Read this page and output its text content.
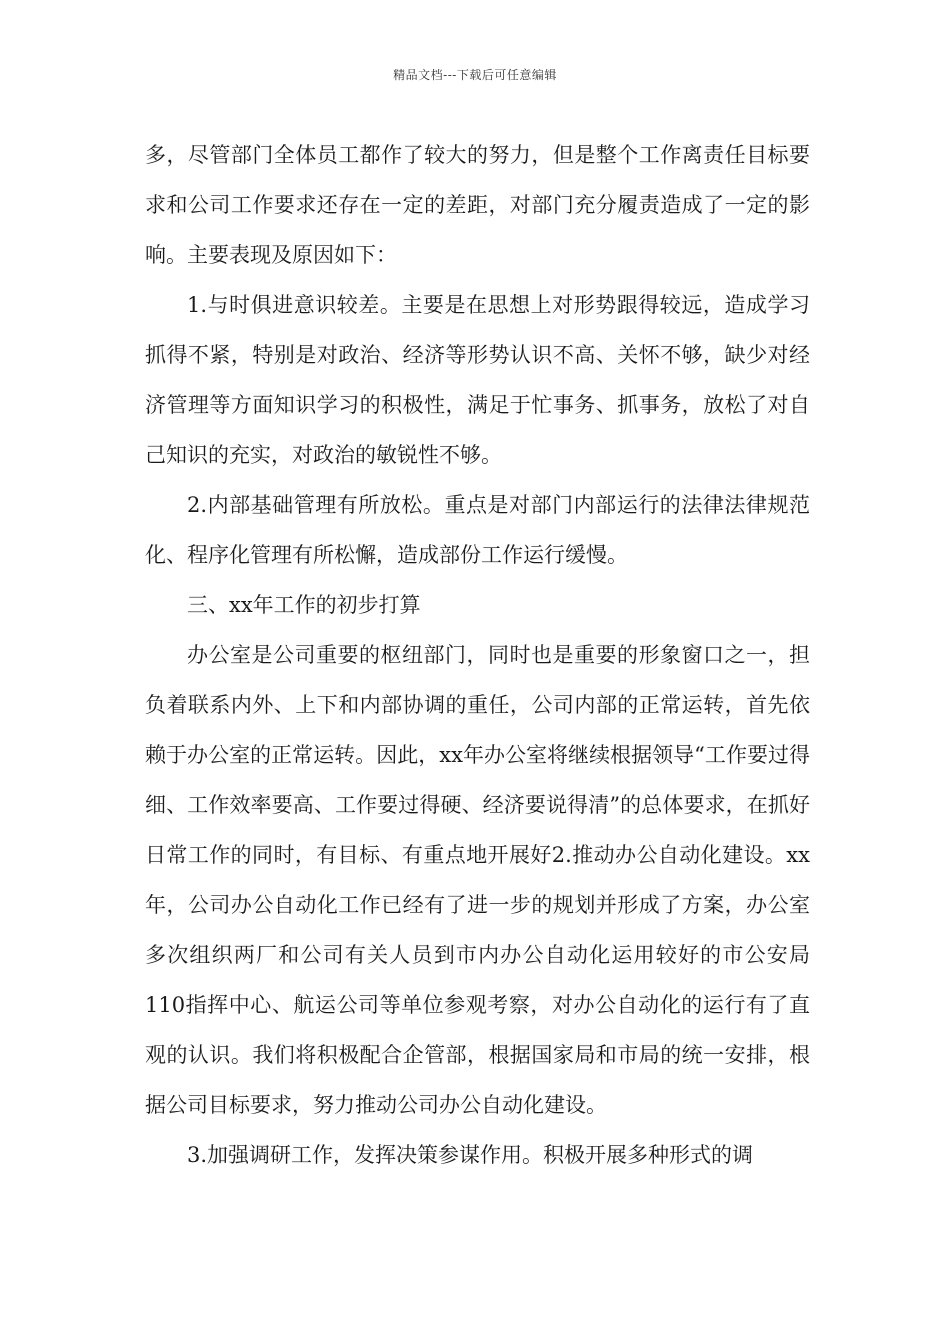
精品文档---下载后可任意编辑

多，尽管部门全体员工都作了较大的努力，但是整个工作离责任目标要求和公司工作要求还存在一定的差距，对部门充分履责造成了一定的影响。主要表现及原因如下：

1.与时俱进意识较差。主要是在思想上对形势跟得较远，造成学习抓得不紧，特别是对政治、经济等形势认识不高、关怀不够，缺少对经济管理等方面知识学习的积极性，满足于忙事务、抓事务，放松了对自己知识的充实，对政治的敏锐性不够。

2.内部基础管理有所放松。重点是对部门内部运行的法律法律规范化、程序化管理有所松懈，造成部份工作运行缓慢。

三、xx年工作的初步打算

办公室是公司重要的枢纽部门，同时也是重要的形象窗口之一，担负着联系内外、上下和内部协调的重任，公司内部的正常运转，首先依赖于办公室的正常运转。因此，xx年办公室将继续根据领导“工作要过得细、工作效率要高、工作要过得硬、经济要说得清”的总体要求，在抓好日常工作的同时，有目标、有重点地开展好2.推动办公自动化建设。xx年，公司办公自动化工作已经有了进一步的规划并形成了方案，办公室多次组织两厂和公司有关人员到市内办公自动化运用较好的市公安局110指挥中心、航运公司等单位参观考察，对办公自动化的运行有了直观的认识。我们将积极配合企管部，根据国家局和市局的统一安排，根据公司目标要求，努力推动公司办公自动化建设。

3.加强调研工作，发挥决策参谋作用。积极开展多种形式的调
